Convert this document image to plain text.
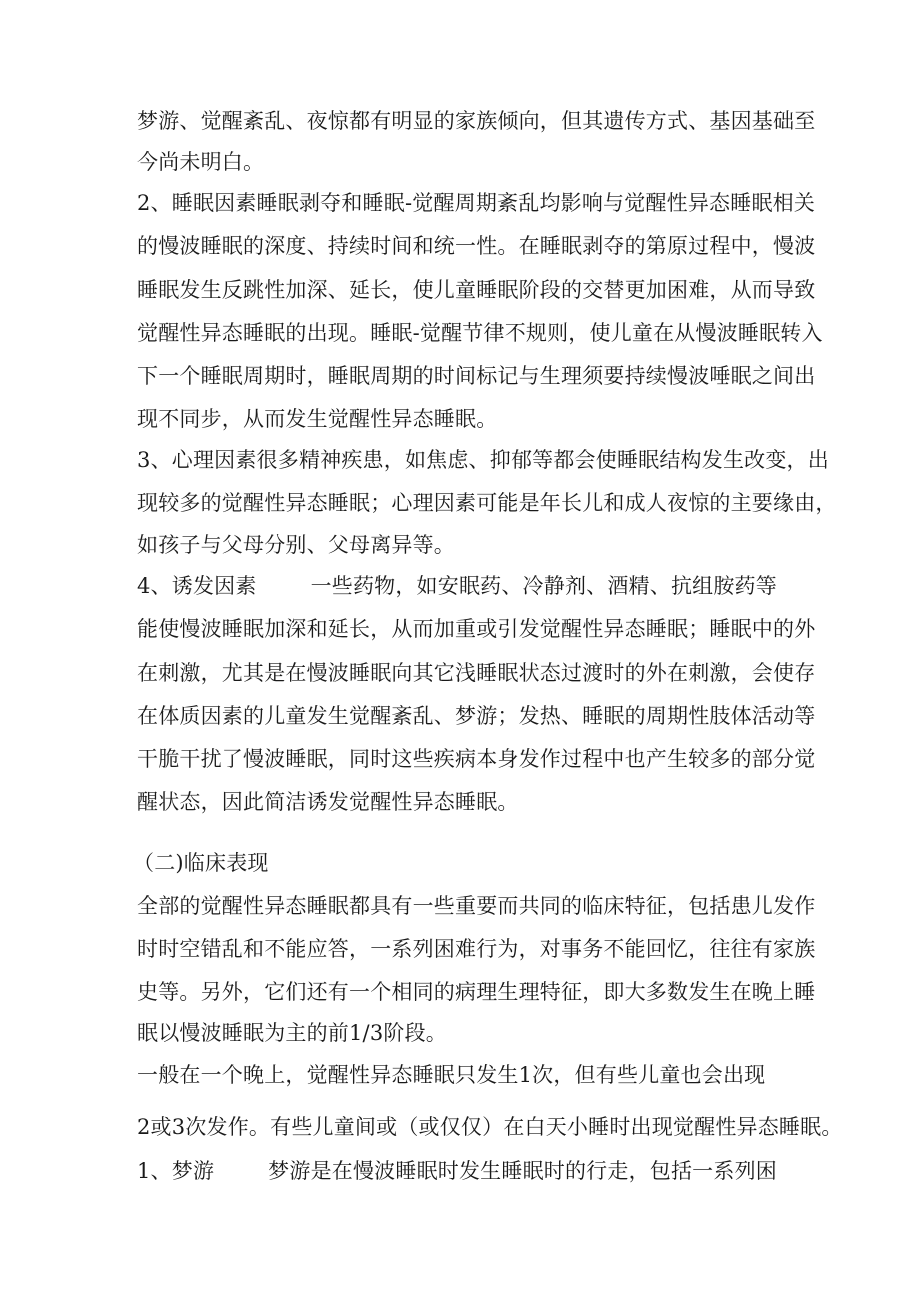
梦游、觉醒紊乱、夜惊都有明显的家族倾向，但其遗传方式、基因基础至
今尚未明白。
2、睡眠因素睡眠剥夺和睡眠-觉醒周期紊乱均影响与觉醒性异态睡眠相关
的慢波睡眠的深度、持续时间和统一性。在睡眠剥夺的第原过程中，慢波
睡眠发生反跳性加深、延长，使儿童睡眠阶段的交替更加困难，从而导致
觉醒性异态睡眠的出现。睡眠-觉醒节律不规则，使儿童在从慢波睡眠转入
下一个睡眠周期时，睡眠周期的时间标记与生理须要持续慢波唾眠之间出
现不同步，从而发生觉醒性异态睡眠。
3、心理因素很多精神疾患，如焦虑、抑郁等都会使睡眠结构发生改变，出
现较多的觉醒性异态睡眠；心理因素可能是年长儿和成人夜惊的主要缘由，
如孩子与父母分别、父母离异等。
4、诱发因素	一些药物，如安眠药、冷静剂、酒精、抗组胺药等
能使慢波睡眠加深和延长，从而加重或引发觉醒性异态睡眠；睡眠中的外
在刺激，尤其是在慢波睡眠向其它浅睡眠状态过渡时的外在刺激，会使存
在体质因素的儿童发生觉醒紊乱、梦游；发热、睡眠的周期性肢体活动等
干脆干扰了慢波睡眠，同时这些疾病本身发作过程中也产生较多的部分觉
醒状态，因此简洁诱发觉醒性异态睡眠。
（二)临床表现
全部的觉醒性异态睡眠都具有一些重要而共同的临床特征，包括患儿发作
时时空错乱和不能应答，一系列困难行为，对事务不能回忆，往往有家族
史等。另外，它们还有一个相同的病理生理特征，即大多数发生在晚上睡
眠以慢波睡眠为主的前1/3阶段。
一般在一个晚上，觉醒性异态睡眠只发生1次，但有些儿童也会出现
2或3次发作。有些儿童间或（或仅仅）在白天小睡时出现觉醒性异态睡眠。
1、梦游	梦游是在慢波睡眠时发生睡眠时的行走，包括一系列困
